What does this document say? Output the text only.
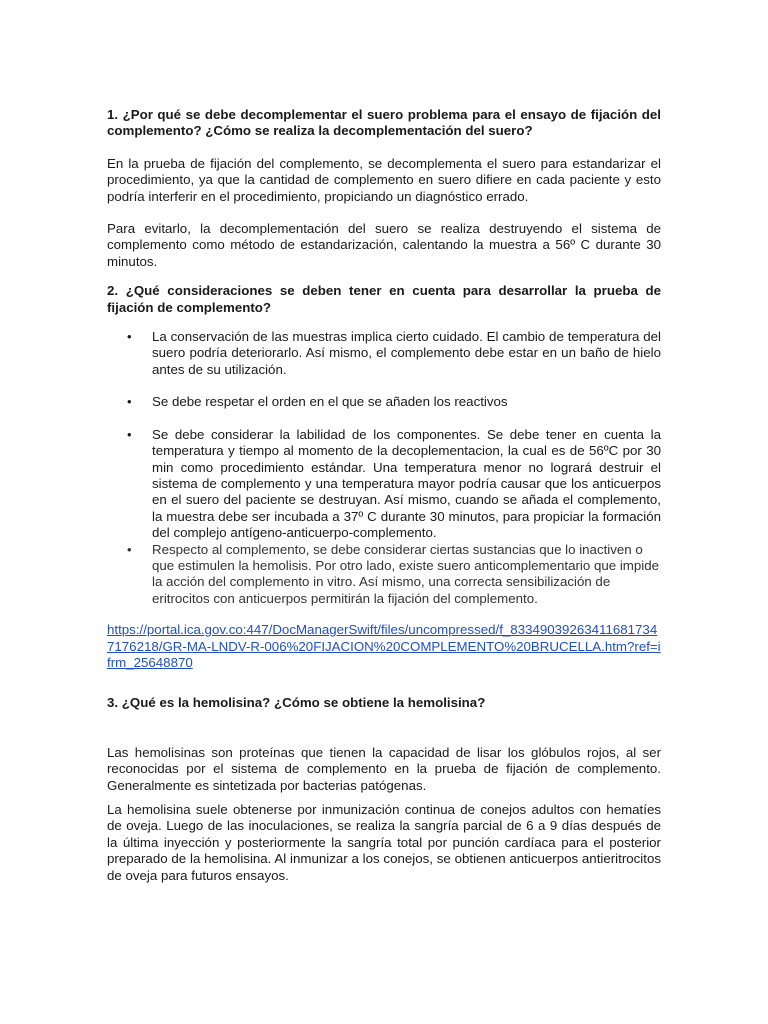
1. ¿Por qué se debe decomplementar el suero problema para el ensayo de fijación del complemento? ¿Cómo se realiza la decomplementación del suero?

En la prueba de fijación del complemento, se decomplementa el suero para estandarizar el procedimiento, ya que la cantidad de complemento en suero difiere en cada paciente y esto podría interferir en el procedimiento, propiciando un diagnóstico errado.

Para evitarlo, la decomplementación del suero se realiza destruyendo el sistema de complemento como método de estandarización, calentando la muestra a 56º C durante 30 minutos.

2. ¿Qué consideraciones se deben tener en cuenta para desarrollar la prueba de fijación de complemento?

• La conservación de las muestras implica cierto cuidado. El cambio de temperatura del suero podría deteriorarlo. Así mismo, el complemento debe estar en un baño de hielo antes de su utilización.
• Se debe respetar el orden en el que se añaden los reactivos
• Se debe considerar la labilidad de los componentes. Se debe tener en cuenta la temperatura y tiempo al momento de la decoplementacion, la cual es de 56ºC por 30 min como procedimiento estándar. Una temperatura menor no logrará destruir el sistema de complemento y una temperatura mayor podría causar que los anticuerpos en el suero del paciente se destruyan. Así mismo, cuando se añada el complemento, la muestra debe ser incubada a 37º C durante 30 minutos, para propiciar la formación del complejo antígeno-anticuerpo-complemento.
• Respecto al complemento, se debe considerar ciertas sustancias que lo inactiven o que estimulen la hemolisis. Por otro lado, existe suero anticomplementario que impide la acción del complemento in vitro. Así mismo, una correcta sensibilización de eritrocitos con anticuerpos permitirán la fijación del complemento.
https://portal.ica.gov.co:447/DocManagerSwift/files/uncompressed/f_833490392634116817347176218/GR-MA-LNDV-R-006%20FIJACION%20COMPLEMENTO%20BRUCELLA.htm?ref=ifrm_25648870

3. ¿Qué es la hemolisina? ¿Cómo se obtiene la hemolisina?

Las hemolisinas son proteínas que tienen la capacidad de lisar los glóbulos rojos, al ser reconocidas por el sistema de complemento en la prueba de fijación de complemento. Generalmente es sintetizada por bacterias patógenas.

La hemolisina suele obtenerse por inmunización continua de conejos adultos con hematíes de oveja. Luego de las inoculaciones, se realiza la sangría parcial de 6 a 9 días después de la última inyección y posteriormente la sangría total por punción cardíaca para el posterior preparado de la hemolisina. Al inmunizar a los conejos, se obtienen anticuerpos antieritrocitos de oveja para futuros ensayos.
